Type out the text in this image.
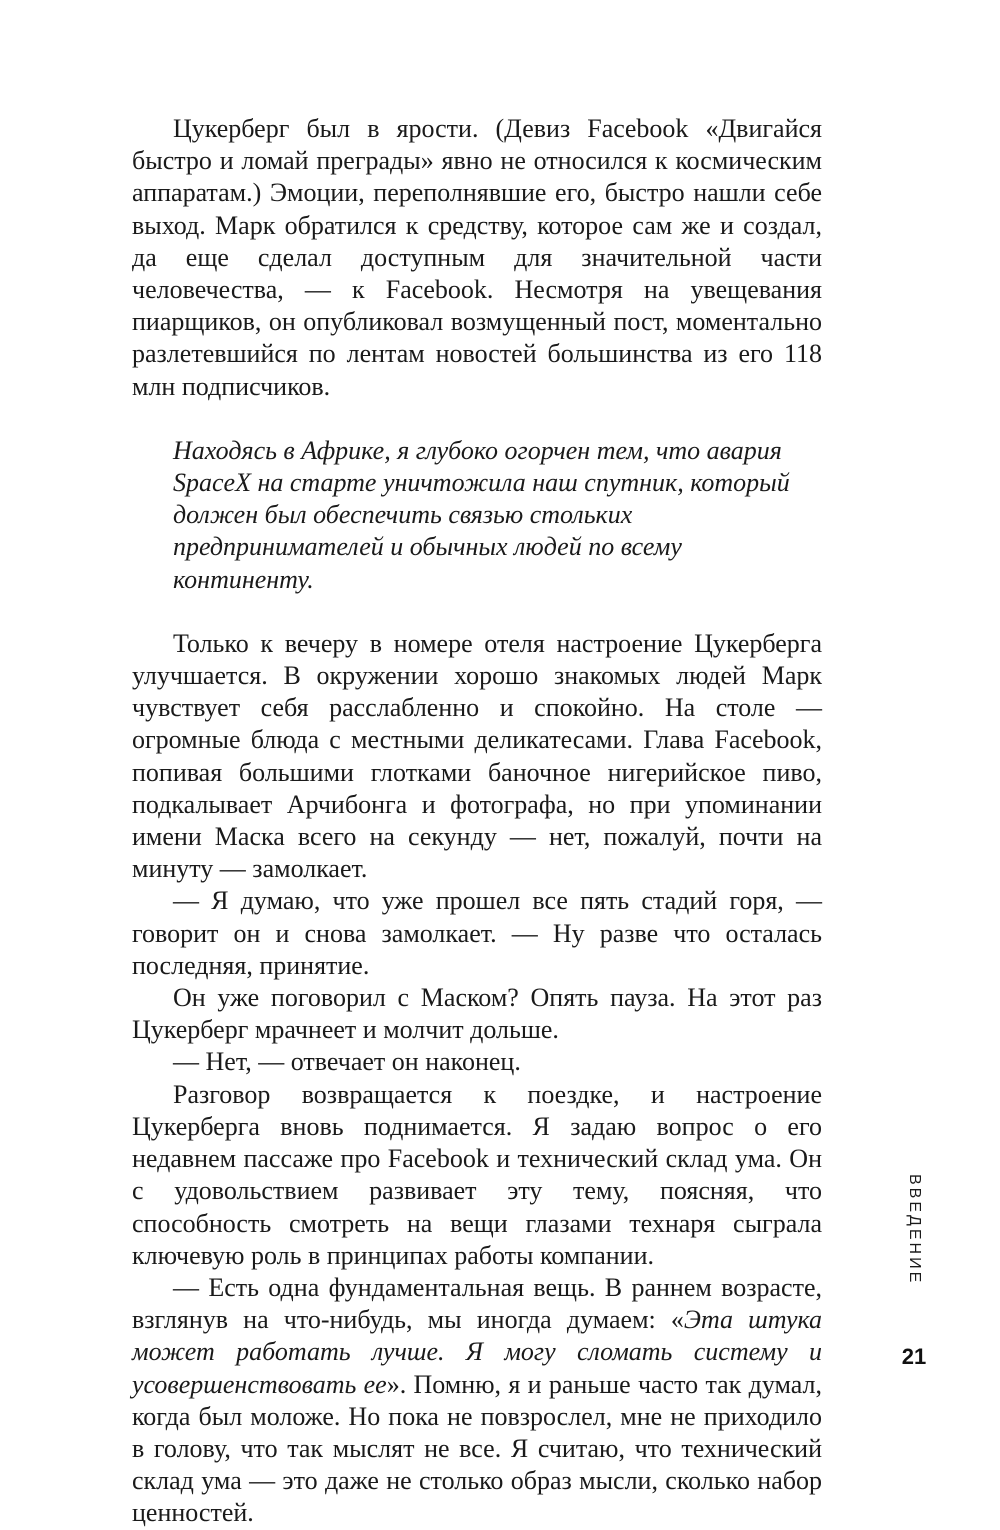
Цукерберг был в ярости. (Девиз Facebook «Двигайся быстро и ломай преграды» явно не относился к космическим аппаратам.) Эмоции, переполнявшие его, быстро нашли себе выход. Марк обратился к средству, которое сам же и создал, да еще сделал доступным для значительной части человечества, — к Facebook. Несмотря на увещевания пиарщиков, он опубликовал возмущенный пост, моментально разлетевшийся по лентам новостей большинства из его 118 млн подписчиков.

Находясь в Африке, я глубоко огорчен тем, что авария SpaceX на старте уничтожила наш спутник, который должен был обеспечить связью стольких предпринимателей и обычных людей по всему континенту.

Только к вечеру в номере отеля настроение Цукерберга улучшается. В окружении хорошо знакомых людей Марк чувствует себя расслабленно и спокойно. На столе — огромные блюда с местными деликатесами. Глава Facebook, попивая большими глотками баночное нигерийское пиво, подкалывает Арчибонга и фотографа, но при упоминании имени Маска всего на секунду — нет, пожалуй, почти на минуту — замолкает.

— Я думаю, что уже прошел все пять стадий горя, — говорит он и снова замолкает. — Ну разве что осталась последняя, принятие.

Он уже поговорил с Маском? Опять пауза. На этот раз Цукерберг мрачнеет и молчит дольше.

— Нет, — отвечает он наконец.

Разговор возвращается к поездке, и настроение Цукерберга вновь поднимается. Я задаю вопрос о его недавнем пассаже про Facebook и технический склад ума. Он с удовольствием развивает эту тему, поясняя, что способность смотреть на вещи глазами технаря сыграла ключевую роль в принципах работы компании.

— Есть одна фундаментальная вещь. В раннем возрасте, взглянув на что-нибудь, мы иногда думаем: «Эта штука может работать лучше. Я могу сломать систему и усовершенствовать ее». Помню, я и раньше часто так думал, когда был моложе. Но пока не повзрослел, мне не приходило в голову, что так мыслят не все. Я считаю, что технический склад ума — это даже не столько образ мысли, сколько набор ценностей.

ВВЕДЕНИЕ
21
